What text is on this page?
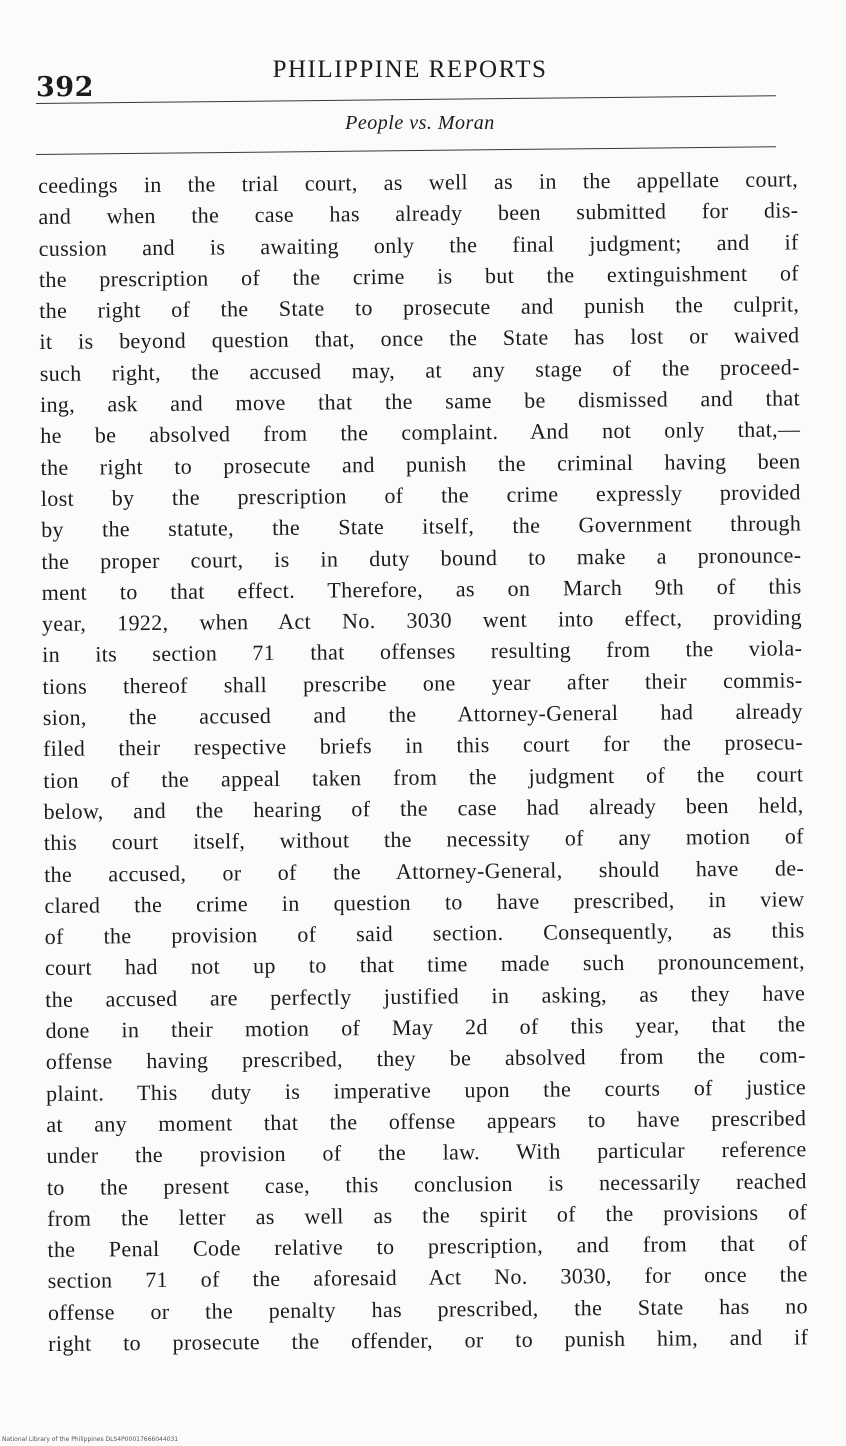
392
PHILIPPINE REPORTS
People vs. Moran
ceedings in the trial court, as well as in the appellate court,
and when the case has already been submitted for dis-
cussion and is awaiting only the final judgment; and if
the prescription of the crime is but the extinguishment of
the right of the State to prosecute and punish the culprit,
it is beyond question that, once the State has lost or waived
such right, the accused may, at any stage of the proceed-
ing, ask and move that the same be dismissed and that
he be absolved from the complaint. And not only that,—
the right to prosecute and punish the criminal having been
lost by the prescription of the crime expressly provided
by the statute, the State itself, the Government through
the proper court, is in duty bound to make a pronounce-
ment to that effect. Therefore, as on March 9th of this
year, 1922, when Act No. 3030 went into effect, providing
in its section 71 that offenses resulting from the viola-
tions thereof shall prescribe one year after their commis-
sion, the accused and the Attorney-General had already
filed their respective briefs in this court for the prosecu-
tion of the appeal taken from the judgment of the court
below, and the hearing of the case had already been held,
this court itself, without the necessity of any motion of
the accused, or of the Attorney-General, should have de-
clared the crime in question to have prescribed, in view
of the provision of said section. Consequently, as this
court had not up to that time made such pronouncement,
the accused are perfectly justified in asking, as they have
done in their motion of May 2d of this year, that the
offense having prescribed, they be absolved from the com-
plaint. This duty is imperative upon the courts of justice
at any moment that the offense appears to have prescribed
under the provision of the law. With particular reference
to the present case, this conclusion is necessarily reached
from the letter as well as the spirit of the provisions of
the Penal Code relative to prescription, and from that of
section 71 of the aforesaid Act No. 3030, for once the
offense or the penalty has prescribed, the State has no
right to prosecute the offender, or to punish him, and if
National Library of the Philippines DLS4P00017666044031
